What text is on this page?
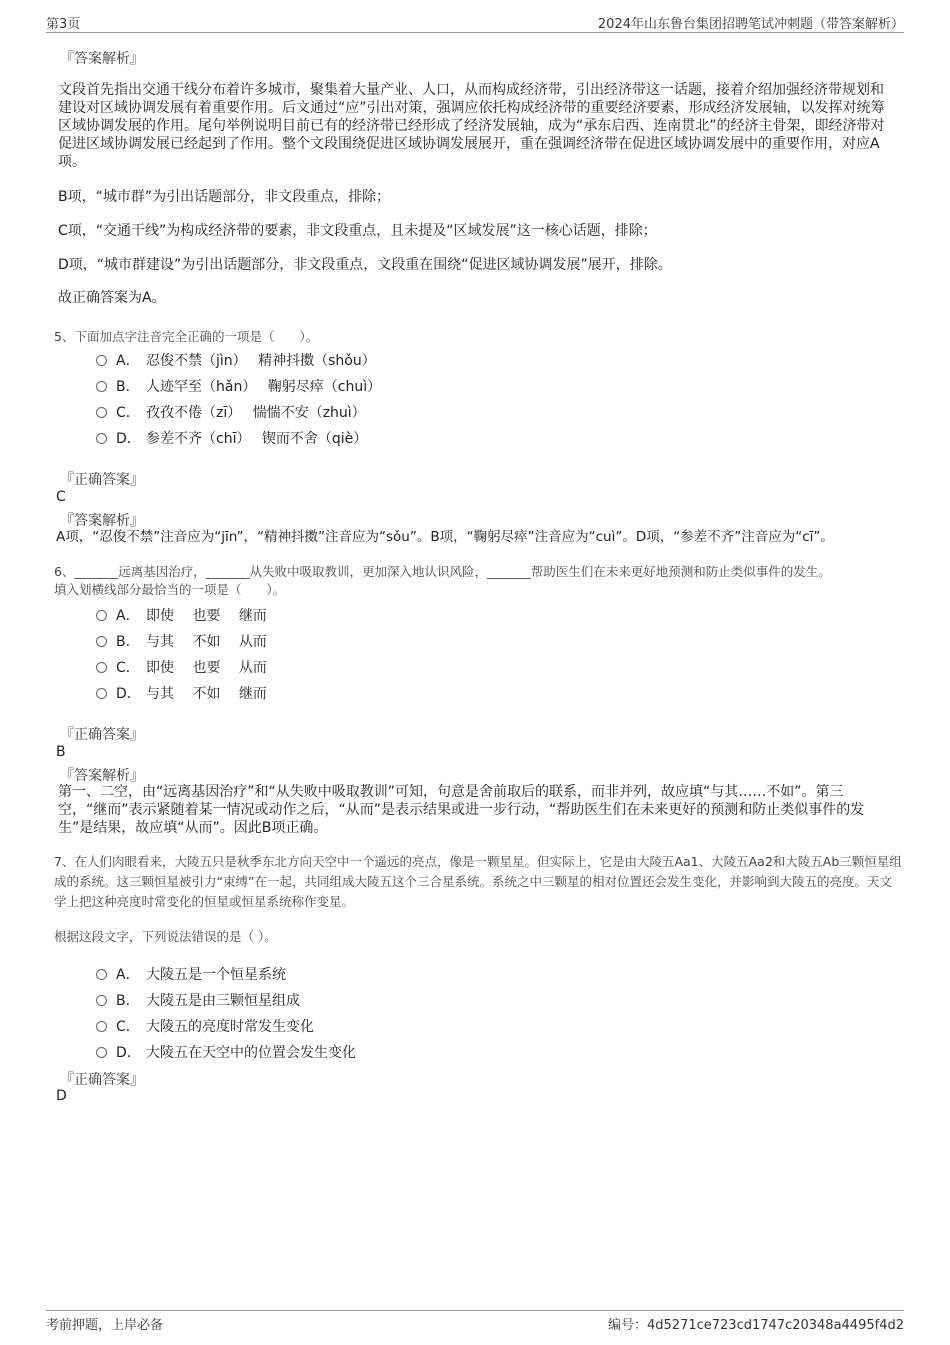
第3页	2024年山东鲁台集团招聘笔试冲刺题（带答案解析）
『答案解析』
文段首先指出交通干线分布着许多城市，聚集着大量产业、人口，从而构成经济带，引出经济带这一话题，接着介绍加强经济带规划和建设对区域协调发展有着重要作用。后文通过“应”引出对策，强调应依托构成经济带的重要经济要素，形成经济发展轴，以发挥对统筹区域协调发展的作用。尾句举例说明目前已有的经济带已经形成了经济发展轴，成为“承东启西、连南贯北”的经济主骨架，即经济带对促进区域协调发展已经起到了作用。整个文段围绕促进区域协调发展展开，重在强调经济带在促进区域协调发展中的重要作用，对应A项。
B项，“城市群”为引出话题部分，非文段重点，排除；
C项，“交通干线”为构成经济带的要素，非文段重点，且未提及“区域发展”这一核心话题，排除；
D项，“城市群建设”为引出话题部分，非文段重点，文段重在围绕“促进区域协调发展”展开，排除。
故正确答案为A。
5、下面加点字注音完全正确的一项是（　　）。
A． 忍俊不禁（jìn）　 精神抖擞（shǒu）
B． 人迹罕至（hǎn）　 鞠躬尽瘁（chuì）
C． 孜孜不倦（zī）　 惴惴不安（zhuì）
D． 参差不齐（chī）　 锲而不舍（qiè）
『正确答案』
C
『答案解析』
A项，“忍俊不禁”注音应为“jīn”，“精神抖擞”注音应为“sǒu”。B项，“鞠躬尽瘁”注音应为“cuì”。D项，“参差不齐”注音应为“cī”。
6、_______远离基因治疗，_______从失败中吸取教训，更加深入地认识风险，_______帮助医生们在未来更好地预测和防止类似事件的发生。
填入划横线部分最恰当的一项是（　　）。
A． 即使　 也要　 继而
B． 与其　 不如　 从而
C． 即使　 也要　 从而
D． 与其　 不如　 继而
『正确答案』
B
『答案解析』
第一、二空，由“远离基因治疗”和“从失败中吸取教训”可知，句意是舍前取后的联系，而非并列，故应填“与其……不如”。第三空，“继而”表示紧随着某一情况或动作之后，“从而”是表示结果或进一步行动，“帮助医生们在未来更好的预测和防止类似事件的发生”是结果，故应填“从而”。因此B项正确。
7、在人们肉眼看来，大陵五只是秋季东北方向天空中一个遥远的亮点，像是一颗星星。但实际上，它是由大陵五Aa1、大陵五Aa2和大陵五Ab三颗恒星组成的系统。这三颗恒星被引力“束缚”在一起，共同组成大陵五这个三合星系统。系统之中三颗星的相对位置还会发生变化，并影响到大陵五的亮度。天文学上把这种亮度时常变化的恒星或恒星系统称作变星。
根据这段文字，下列说法错误的是（ ）。
A． 大陵五是一个恒星系统
B． 大陵五是由三颗恒星组成
C． 大陵五的亮度时常发生变化
D． 大陵五在天空中的位置会发生变化
『正确答案』
D
考前押题，上岸必备	编号：4d5271ce723cd1747c20348a4495f4d2
